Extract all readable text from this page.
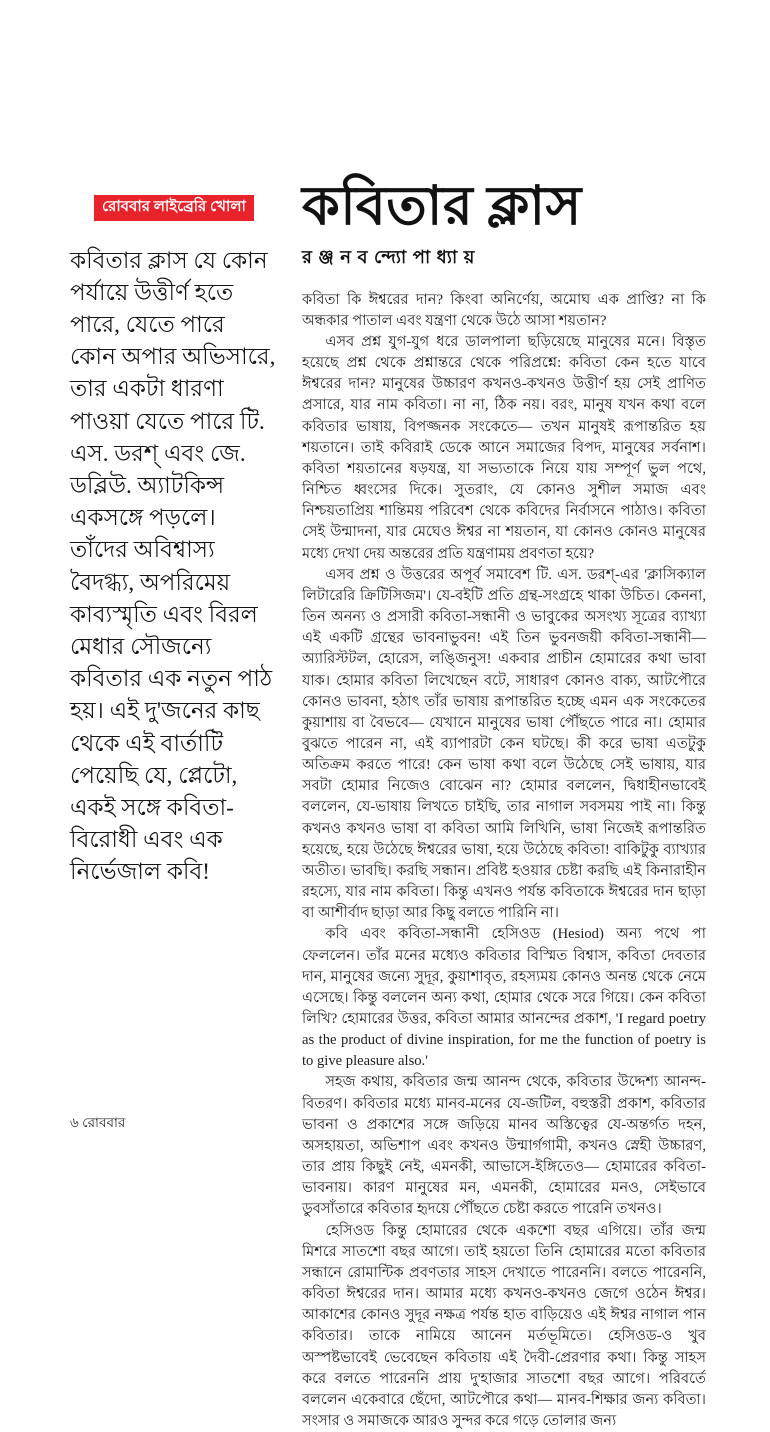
রোববার লাইব্রেরি খোলা কবিতার ক্লাস
কবিতার ক্লাস যে কোন পর্যায়ে উত্তীর্ণ হতে পারে, যেতে পারে কোন অপার অভিসারে, তার একটা ধারণা পাওয়া যেতে পারে টি. এস. ডরশ্‌ এবং জে. ডব্লিউ. অ্যাটকিন্স একসঙ্গে পড়লে। তাঁদের অবিশ্বাস্য বৈদগ্ধ্য, অপরিমেয় কাব্যস্মৃতি এবং বিরল মেধার সৌজন্যে কবিতার এক নতুন পাঠ হয়। এই দু'জনের কাছ থেকে এই বার্তাটি পেয়েছি যে, প্লেটো, একই সঙ্গে কবিতা-বিরোধী এবং এক নির্ভেজাল কবি!
র ঞ্জ ন ব ন্দ্যো পা ধ্যা য়

কবিতা কি ঈশ্বরের দান? কিংবা অনির্ণেয়, অমোঘ এক প্রাপ্তি? না কি অন্ধকার পাতাল এবং যন্ত্রণা থেকে উঠে আসা শয়তান?

এসব প্রশ্ন যুগ-যুগ ধরে ডালপালা ছড়িয়েছে মানুষের মনে। বিস্তৃত হয়েছে প্রশ্ন থেকে প্রশ্নান্তরে থেকে পরিপ্রশ্নে: কবিতা কেন হতে যাবে ঈশ্বরের দান? মানুষের উচ্চারণ কখনও-কখনও উত্তীর্ণ হয় সেই প্রাণিত প্রসারে, যার নাম কবিতা। না না, ঠিক নয়। বরং, মানুষ যখন কথা বলে কবিতার ভাষায়, বিপজ্জনক সংকেতে— তখন মানুষই রূপান্তরিত হয় শয়তানে। তাই কবিরাই ডেকে আনে সমাজের বিপদ, মানুষের সর্বনাশ। কবিতা শয়তানের ষড়যন্ত্র, যা সভ্যতাকে নিয়ে যায় সম্পূর্ণ ভুল পথে, নিশ্চিত ধ্বংসের দিকে। সুতরাং, যে কোনও সুশীল সমাজ এবং নিশ্চয়তাপ্রিয় শান্তিময় পরিবেশ থেকে কবিদের নির্বাসনে পাঠাও। কবিতা সেই উন্মাদনা, যার মেঘেও ঈশ্বর না শয়তান, যা কোনও কোনও মানুষের মধ্যে দেখা দেয় অন্তরের প্রতি যন্ত্রণাময় প্রবণতা হয়ে?

এসব প্রশ্ন ও উত্তরের অপূর্ব সমাবেশ টি. এস. ডরশ্‌-এর 'ক্লাসিক্যাল লিটারেরি ক্রিটিসিজম'। যে-বইটি প্রতি গ্রন্থ-সংগ্রহে থাকা উচিত। কেননা, তিন অনন্য ও প্রসারী কবিতা-সন্ধানী ও ভাবুকের অসংখ্য সূত্রের ব্যাখ্যা এই একটি গ্রন্থের ভাবনাভুবন! এই তিন ভুবনজয়ী কবিতা-সন্ধানী— অ্যারিস্টটল, হোরেস, লঙ্জিনুস! একবার প্রাচীন হোমারের কথা ভাবা যাক। হোমার কবিতা লিখেছেন বটে, সাধারণ কোনও বাক্য, আটপৌরে কোনও ভাবনা, হঠাৎ তাঁর ভাষায় রূপান্তরিত হচ্ছে এমন এক সংকেতের কুয়াশায় বা বৈভবে— যেখানে মানুষের ভাষা পৌঁছতে পারে না। হোমার বুঝতে পারেন না, এই ব্যাপারটা কেন ঘটছে। কী করে ভাষা এতটুকু অতিক্রম করতে পারে! কেন ভাষা কথা বলে উঠেছে সেই ভাষায়, যার সবটা হোমার নিজেও বোঝেন না? হোমার বললেন, দ্বিধাহীনভাবেই বললেন, যে-ভাষায় লিখতে চাইছি, তার নাগাল সবসময় পাই না। কিন্তু কখনও কখনও ভাষা বা কবিতা আমি লিখিনি, ভাষা নিজেই রূপান্তরিত হয়েছে, হয়ে উঠেছে ঈশ্বরের ভাষা, হয়ে উঠেছে কবিতা! বাকিটুকু ব্যাখ্যার অতীত। ভাবছি। করছি সন্ধান। প্রবিষ্ট হওয়ার চেষ্টা করছি এই কিনারাহীন রহস্যে, যার নাম কবিতা। কিন্তু এখনও পর্যন্ত কবিতাকে ঈশ্বরের দান ছাড়া বা আশীর্বাদ ছাড়া আর কিছু বলতে পারিনি না।

কবি এবং কবিতা-সন্ধানী হেসিওড (Hesiod) অন্য পথে পা ফেললেন। তাঁর মনের মধ্যেও কবিতার বিস্মিত বিশ্বাস, কবিতা দেবতার দান, মানুষের জন্যে সুদূর, কুয়াশাবৃত, রহস্যময় কোনও অনন্ত থেকে নেমে এসেছে। কিন্তু বললেন অন্য কথা, হোমার থেকে সরে গিয়ে। কেন কবিতা লিখি? হোমারের উত্তর, কবিতা আমার আনন্দের প্রকাশ, 'I regard poetry as the product of divine inspiration, for me the function of poetry is to give pleasure also.'

সহজ কথায়, কবিতার জন্ম আনন্দ থেকে, কবিতার উদ্দেশ্য আনন্দ-বিতরণ। কবিতার মধ্যে মানব-মনের যে-জটিল, বহুস্তরী প্রকাশ, কবিতার ভাবনা ও প্রকাশের সঙ্গে জড়িয়ে মানব অস্তিত্বের যে-অন্তর্গত দহন, অসহায়তা, অভিশাপ এবং কখনও উন্মার্গগামী, কখনও স্নেহী উচ্চারণ, তার প্রায় কিছুই নেই, এমনকী, আভাসে-ইঙ্গিতেও— হোমারের কবিতা-ভাবনায়। কারণ মানুষের মন, এমনকী, হোমারের মনও, সেইভাবে ডুবসাঁতারে কবিতার হৃদয়ে পৌঁছতে চেষ্টা করতে পারেনি তখনও।

হেসিওড কিন্তু হোমারের থেকে একশো বছর এগিয়ে। তাঁর জন্ম মিশরে সাতশো বছর আগে। তাই হয়তো তিনি হোমারের মতো কবিতার সন্ধানে রোমান্টিক প্রবণতার সাহস দেখাতে পারেননি। বলতে পারেননি, কবিতা ঈশ্বরের দান। আমার মধ্যে কখনও-কখনও জেগে ওঠেন ঈশ্বর। আকাশের কোনও সুদূর নক্ষত্র পর্যন্ত হাত বাড়িয়েও এই ঈশ্বর নাগাল পান কবিতার। তাকে নামিয়ে আনেন মর্তভূমিতে। হেসিওড-ও খুব অস্পষ্টভাবেই ভেবেছেন কবিতায় এই দৈবী-প্রেরণার কথা। কিন্তু সাহস করে বলতে পারেননি প্রায় দু'হাজার সাতশো বছর আগে। পরিবর্তে বললেন একেবারে ছেঁদো, আটপৌরে কথা— মানব-শিক্ষার জন্য কবিতা। সংসার ও সমাজকে আরও সুন্দর করে গড়ে তোলার জন্য

৬ রোববার
